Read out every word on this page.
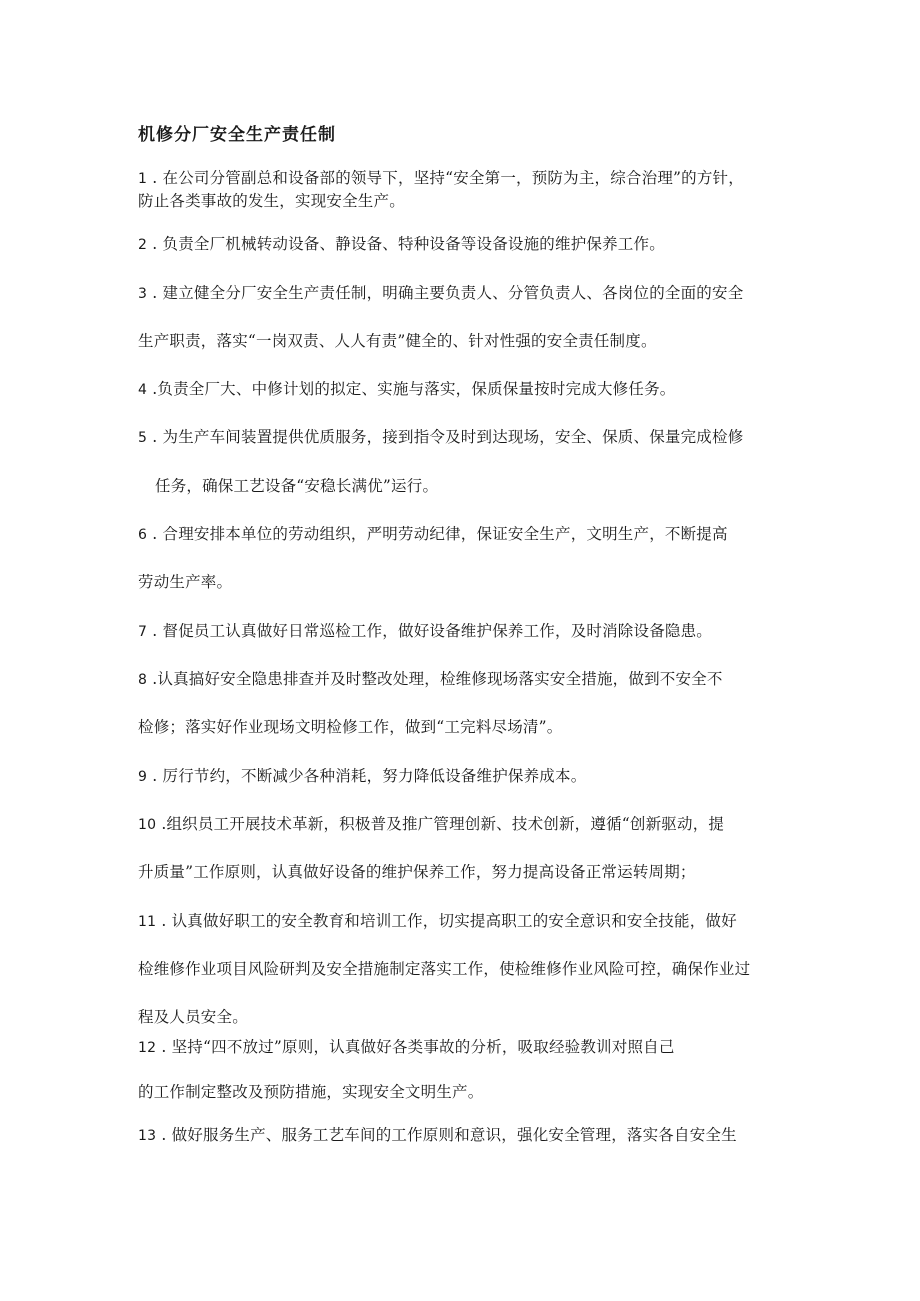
机修分厂安全生产责任制
1 . 在公司分管副总和设备部的领导下，坚持“安全第一，预防为主，综合治理”的方针，
防止各类事故的发生，实现安全生产。
2 . 负责全厂机械转动设备、静设备、特种设备等设备设施的维护保养工作。
3 . 建立健全分厂安全生产责任制，明确主要负责人、分管负责人、各岗位的全面的安全
生产职责，落实“一岗双责、人人有责”健全的、针对性强的安全责任制度。
4 .负责全厂大、中修计划的拟定、实施与落实，保质保量按时完成大修任务。
5 . 为生产车间装置提供优质服务，接到指令及时到达现场，安全、保质、保量完成检修
任务，确保工艺设备“安稳长满优”运行。
6 . 合理安排本单位的劳动组织，严明劳动纪律，保证安全生产，文明生产，不断提高
劳动生产率。
7 . 督促员工认真做好日常巡检工作，做好设备维护保养工作，及时消除设备隐患。
8 .认真搞好安全隐患排查并及时整改处理，检维修现场落实安全措施，做到不安全不
检修；落实好作业现场文明检修工作，做到“工完料尽场清”。
9 . 厉行节约，不断减少各种消耗，努力降低设备维护保养成本。
10 .组织员工开展技术革新，积极普及推广管理创新、技术创新，遵循“创新驱动，提
升质量”工作原则，认真做好设备的维护保养工作，努力提高设备正常运转周期；
11 . 认真做好职工的安全教育和培训工作，切实提高职工的安全意识和安全技能，做好
检维修作业项目风险研判及安全措施制定落实工作，使检维修作业风险可控，确保作业过
程及人员安全。
12 . 坚持“四不放过”原则，认真做好各类事故的分析，吸取经验教训对照自己
的工作制定整改及预防措施，实现安全文明生产。
13 . 做好服务生产、服务工艺车间的工作原则和意识，强化安全管理，落实各自安全生
